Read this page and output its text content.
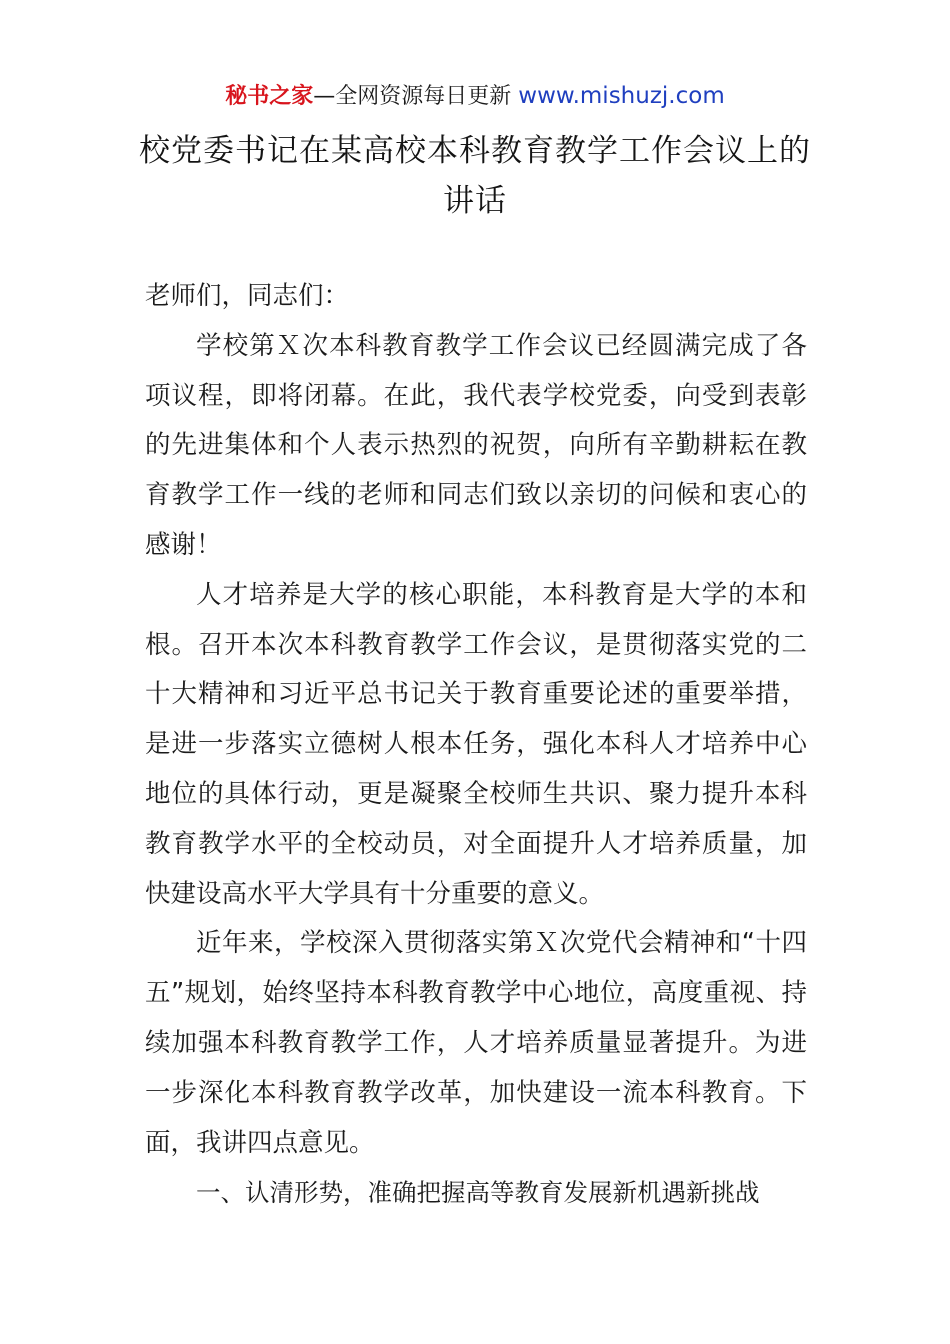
秘书之家—全网资源每日更新 www.mishuzj.com
校党委书记在某高校本科教育教学工作会议上的讲话

老师们，同志们：

学校第Ｘ次本科教育教学工作会议已经圆满完成了各项议程，即将闭幕。在此，我代表学校党委，向受到表彰的先进集体和个人表示热烈的祝贺，向所有辛勤耕耘在教育教学工作一线的老师和同志们致以亲切的问候和衷心的感谢！

人才培养是大学的核心职能，本科教育是大学的本和根。召开本次本科教育教学工作会议，是贯彻落实党的二十大精神和习近平总书记关于教育重要论述的重要举措，是进一步落实立德树人根本任务，强化本科人才培养中心地位的具体行动，更是凝聚全校师生共识、聚力提升本科教育教学水平的全校动员，对全面提升人才培养质量，加快建设高水平大学具有十分重要的意义。

近年来，学校深入贯彻落实第Ｘ次党代会精神和“十四五”规划，始终坚持本科教育教学中心地位，高度重视、持续加强本科教育教学工作，人才培养质量显著提升。为进一步深化本科教育教学改革，加快建设一流本科教育。下面，我讲四点意见。

一、认清形势，准确把握高等教育发展新机遇新挑战
